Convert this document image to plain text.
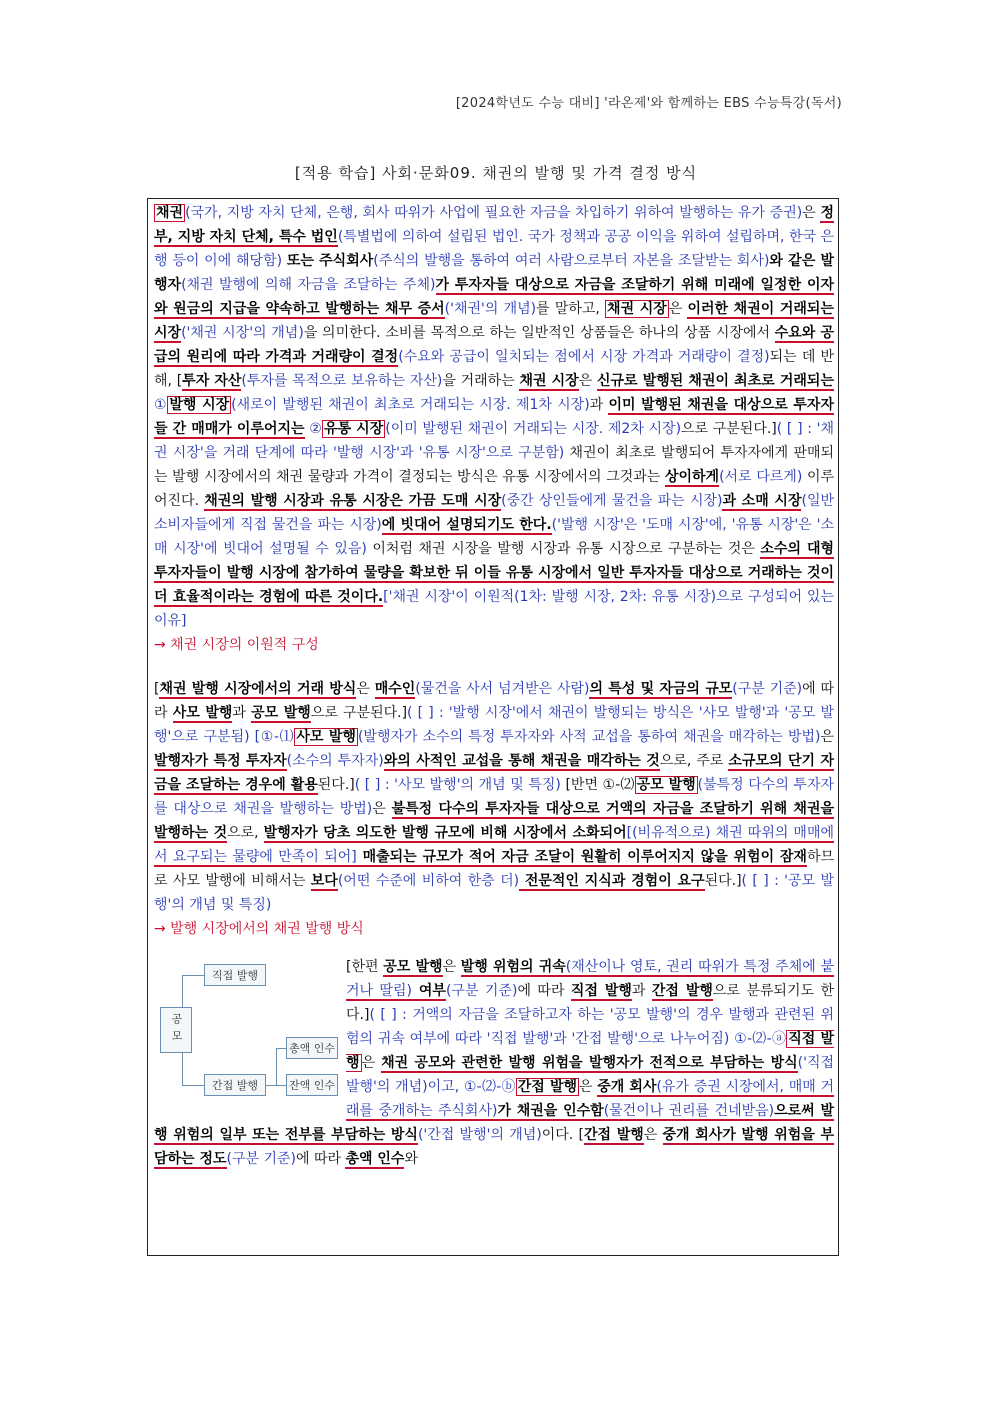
[2024학년도 수능 대비] '라온제'와 함께하는 EBS 수능특강(독서)
[적용 학습] 사회·문화09. 채권의 발행 및 가격 결정 방식

채권 (국가, 지방 자치 단체, 은행, 회사 따위가 사업에 필요한 자금을 차입하기 위하여 발행하는 유가 증권)은 정부, 지방 자치 단체, 특수 법인(특별법에 의하여 설립된 법인. 국가 정책과 공공 이익을 위하여 설립하며, 한국 은행 등이 이에 해당함) 또는 주식회사(주식의 발행을 통하여 여러 사람으로부터 자본을 조달받는 회사)와 같은 발행자(채권 발행에 의해 자금을 조달하는 주체)가 투자자들 대상으로 자금을 조달하기 위해 미래에 일정한 이자와 원금의 지급을 약속하고 발행하는 채무 증서('채권'의 개념)를 말하고, 채권 시장 은 이러한 채권이 거래되는 시장('채권 시장'의 개념)을 의미한다. 소비를 목적으로 하는 일반적인 상품들은 하나의 상품 시장에서 수요와 공급의 원리에 따라 가격과 거래량이 결정(수요와 공급이 일치되는 점에서 시장 가격과 거래량이 결정)되는 데 반해, [투자 자산(투자를 목적으로 보유하는 자산)을 거래하는 채권 시장은 신규로 발행된 채권이 최초로 거래되는 ① 발행 시장 (새로이 발행된 채권이 최초로 거래되는 시장. 제1차 시장)과 이미 발행된 채권을 대상으로 투자자들 간 매매가 이루어지는 ② 유통 시장 (이미 발행된 채권이 거래되는 시장. 제2차 시장)으로 구분된다.]( [ ] : '채권 시장'을 거래 단계에 따라 '발행 시장'과 '유통 시장'으로 구분함) 채권이 최초로 발행되어 투자자에게 판매되는 발행 시장에서의 채권 물량과 가격이 결정되는 방식은 유통 시장에서의 그것과는 상이하게(서로 다르게) 이루어진다. 채권의 발행 시장과 유통 시장은 가끔 도매 시장(중간 상인들에게 물건을 파는 시장)과 소매 시장(일반 소비자들에게 직접 물건을 파는 시장)에 빗대어 설명되기도 한다.('발행 시장'은 '도매 시장'에, '유통 시장'은 '소매 시장'에 빗대어 설명될 수 있음) 이처럼 채권 시장을 발행 시장과 유통 시장으로 구분하는 것은 소수의 대형 투자자들이 발행 시장에 참가하여 물량을 확보한 뒤 이들 유통 시장에서 일반 투자자들 대상으로 거래하는 것이 더 효율적이라는 경험에 따른 것이다.['채권 시장'이 이원적(1차: 발행 시장, 2차: 유통 시장)으로 구성되어 있는 이유]

→ 채권 시장의 이원적 구성

[채권 발행 시장에서의 거래 방식은 매수인(물건을 사서 넘겨받은 사람)의 특성 및 자금의 규모(구분 기준)에 따라 사모 발행과 공모 발행으로 구분된다.]( [ ] : '발행 시장'에서 채권이 발행되는 방식은 '사모 발행'과 '공모 발행'으로 구분됨) [①-⑴ 사모 발행 (발행자가 소수의 특정 투자자와 사적 교섭을 통하여 채권을 매각하는 방법)은 발행자가 특정 투자자(소수의 투자자)와의 사적인 교섭을 통해 채권을 매각하는 것으로, 주로 소규모의 단기 자금을 조달하는 경우에 활용된다.]( [ ] : '사모 발행'의 개념 및 특징) [반면 ①-⑵ 공모 발행 (불특정 다수의 투자자를 대상으로 채권을 발행하는 방법)은 불특정 다수의 투자자들 대상으로 거액의 자금을 조달하기 위해 채권을 발행하는 것으로, 발행자가 당초 의도한 발행 규모에 비해 시장에서 소화되어[(비유적으로) 채권 따위의 매매에서 요구되는 물량에 만족이 되어] 매출되는 규모가 적어 자금 조달이 원활히 이루어지지 않을 위험이 잠재하므로 사모 발행에 비해서는 보다(어떤 수준에 비하여 한층 더) 전문적인 지식과 경험이 요구된다.]( [ ] : '공모 발행'의 개념 및 특징)

→ 발행 시장에서의 채권 발행 방식
공모
직접 발행
간접 발행
총액 인수
잔액 인수

[한편 공모 발행은 발행 위험의 귀속(재산이나 영토, 권리 따위가 특정 주체에 붙거나 딸림) 여부(구분 기준)에 따라 직접 발행과 간접 발행으로 분류되기도 한다.]( [ ] : 거액의 자금을 조달하고자 하는 '공모 발행'의 경우 발행과 관련된 위험의 귀속 여부에 따라 '직접 발행'과 '간접 발행'으로 나누어짐) ①-⑵-ⓐ 직접 발행 은 채권 공모와 관련한 발행 위험을 발행자가 전적으로 부담하는 방식('직접 발행'의 개념)이고, ①-⑵-ⓑ 간접 발행 은 중개 회사(유가 증권 시장에서, 매매 거래를 중개하는 주식회사)가 채권을 인수함(물건이나 권리를 건네받음)으로써 발행 위험의 일부 또는 전부를 부담하는 방식('간접 발행'의 개념)이다. [간접 발행은 중개 회사가 발행 위험을 부담하는 정도(구분 기준)에 따라 총액 인수와
